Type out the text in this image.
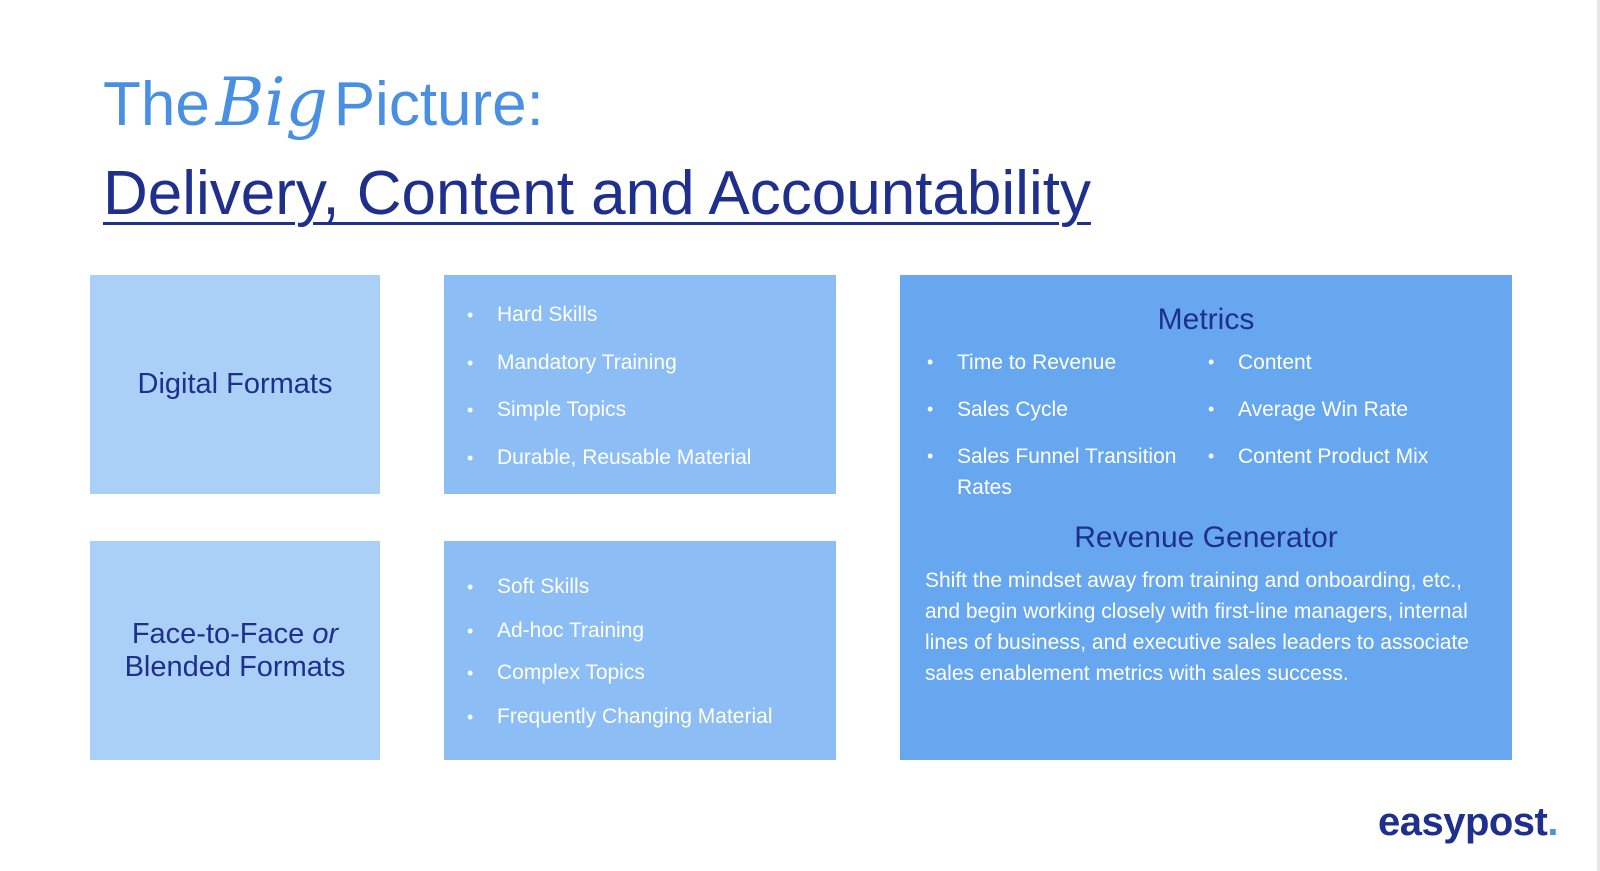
TheBigPicture:
Delivery, Content and Accountability
Digital Formats
• Hard Skills
• Mandatory Training
• Simple Topics
• Durable, Reusable Material
Face-to-Face or
Blended Formats
• Soft Skills
• Ad-hoc Training
• Complex Topics
• Frequently Changing Material
Metrics
• Time to Revenue
• Sales Cycle
• Sales Funnel Transition Rates
• Content
• Average Win Rate
• Content Product Mix
Revenue Generator
Shift the mindset away from training and onboarding, etc., and begin working closely with first-line managers, internal lines of business, and executive sales leaders to associate sales enablement metrics with sales success.
easypost.
